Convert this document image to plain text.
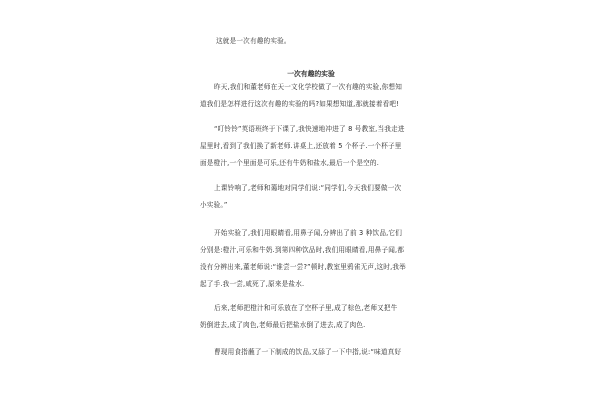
这就是一次有趣的实验。
一次有趣的实验
昨天,我们和董老师在天一文化学校做了一次有趣的实验,你想知
道我们是怎样进行这次有趣的实验的吗?如果想知道,那就接着看吧!
“叮铃铃”英语班终于下课了,我快速地冲进了 8 号教室,当我走进
屋里时,看到了我们换了新老师.讲桌上,还放着 5 个杯子.一个杯子里
面是橙汁,一个里面是可乐,还有牛奶和盐水,最后一个是空的.
上课铃响了,老师和蔼地对同学们说:“同学们,今天我们要做一次
小实验。”
开始实验了,我们用眼睛看,用鼻子闻,分辨出了前 3 种饮品,它们
分别是:橙汁,可乐和牛奶.到第四种饮品时,我们用眼睛看,用鼻子闻,都
没有分辨出来,董老师说:“谁尝一尝?”顿时,教室里鸦雀无声,这时,我举
起了手.我一尝,咸死了,原来是盐水.
后来,老师把橙汁和可乐放在了空杯子里,成了棕色,老师又把牛
奶倒进去,成了肉色,老师最后把盐水倒了进去,成了肉色.
曹现用食指蘸了一下制成的饮品,又舔了一下中指,说:“味道真好
